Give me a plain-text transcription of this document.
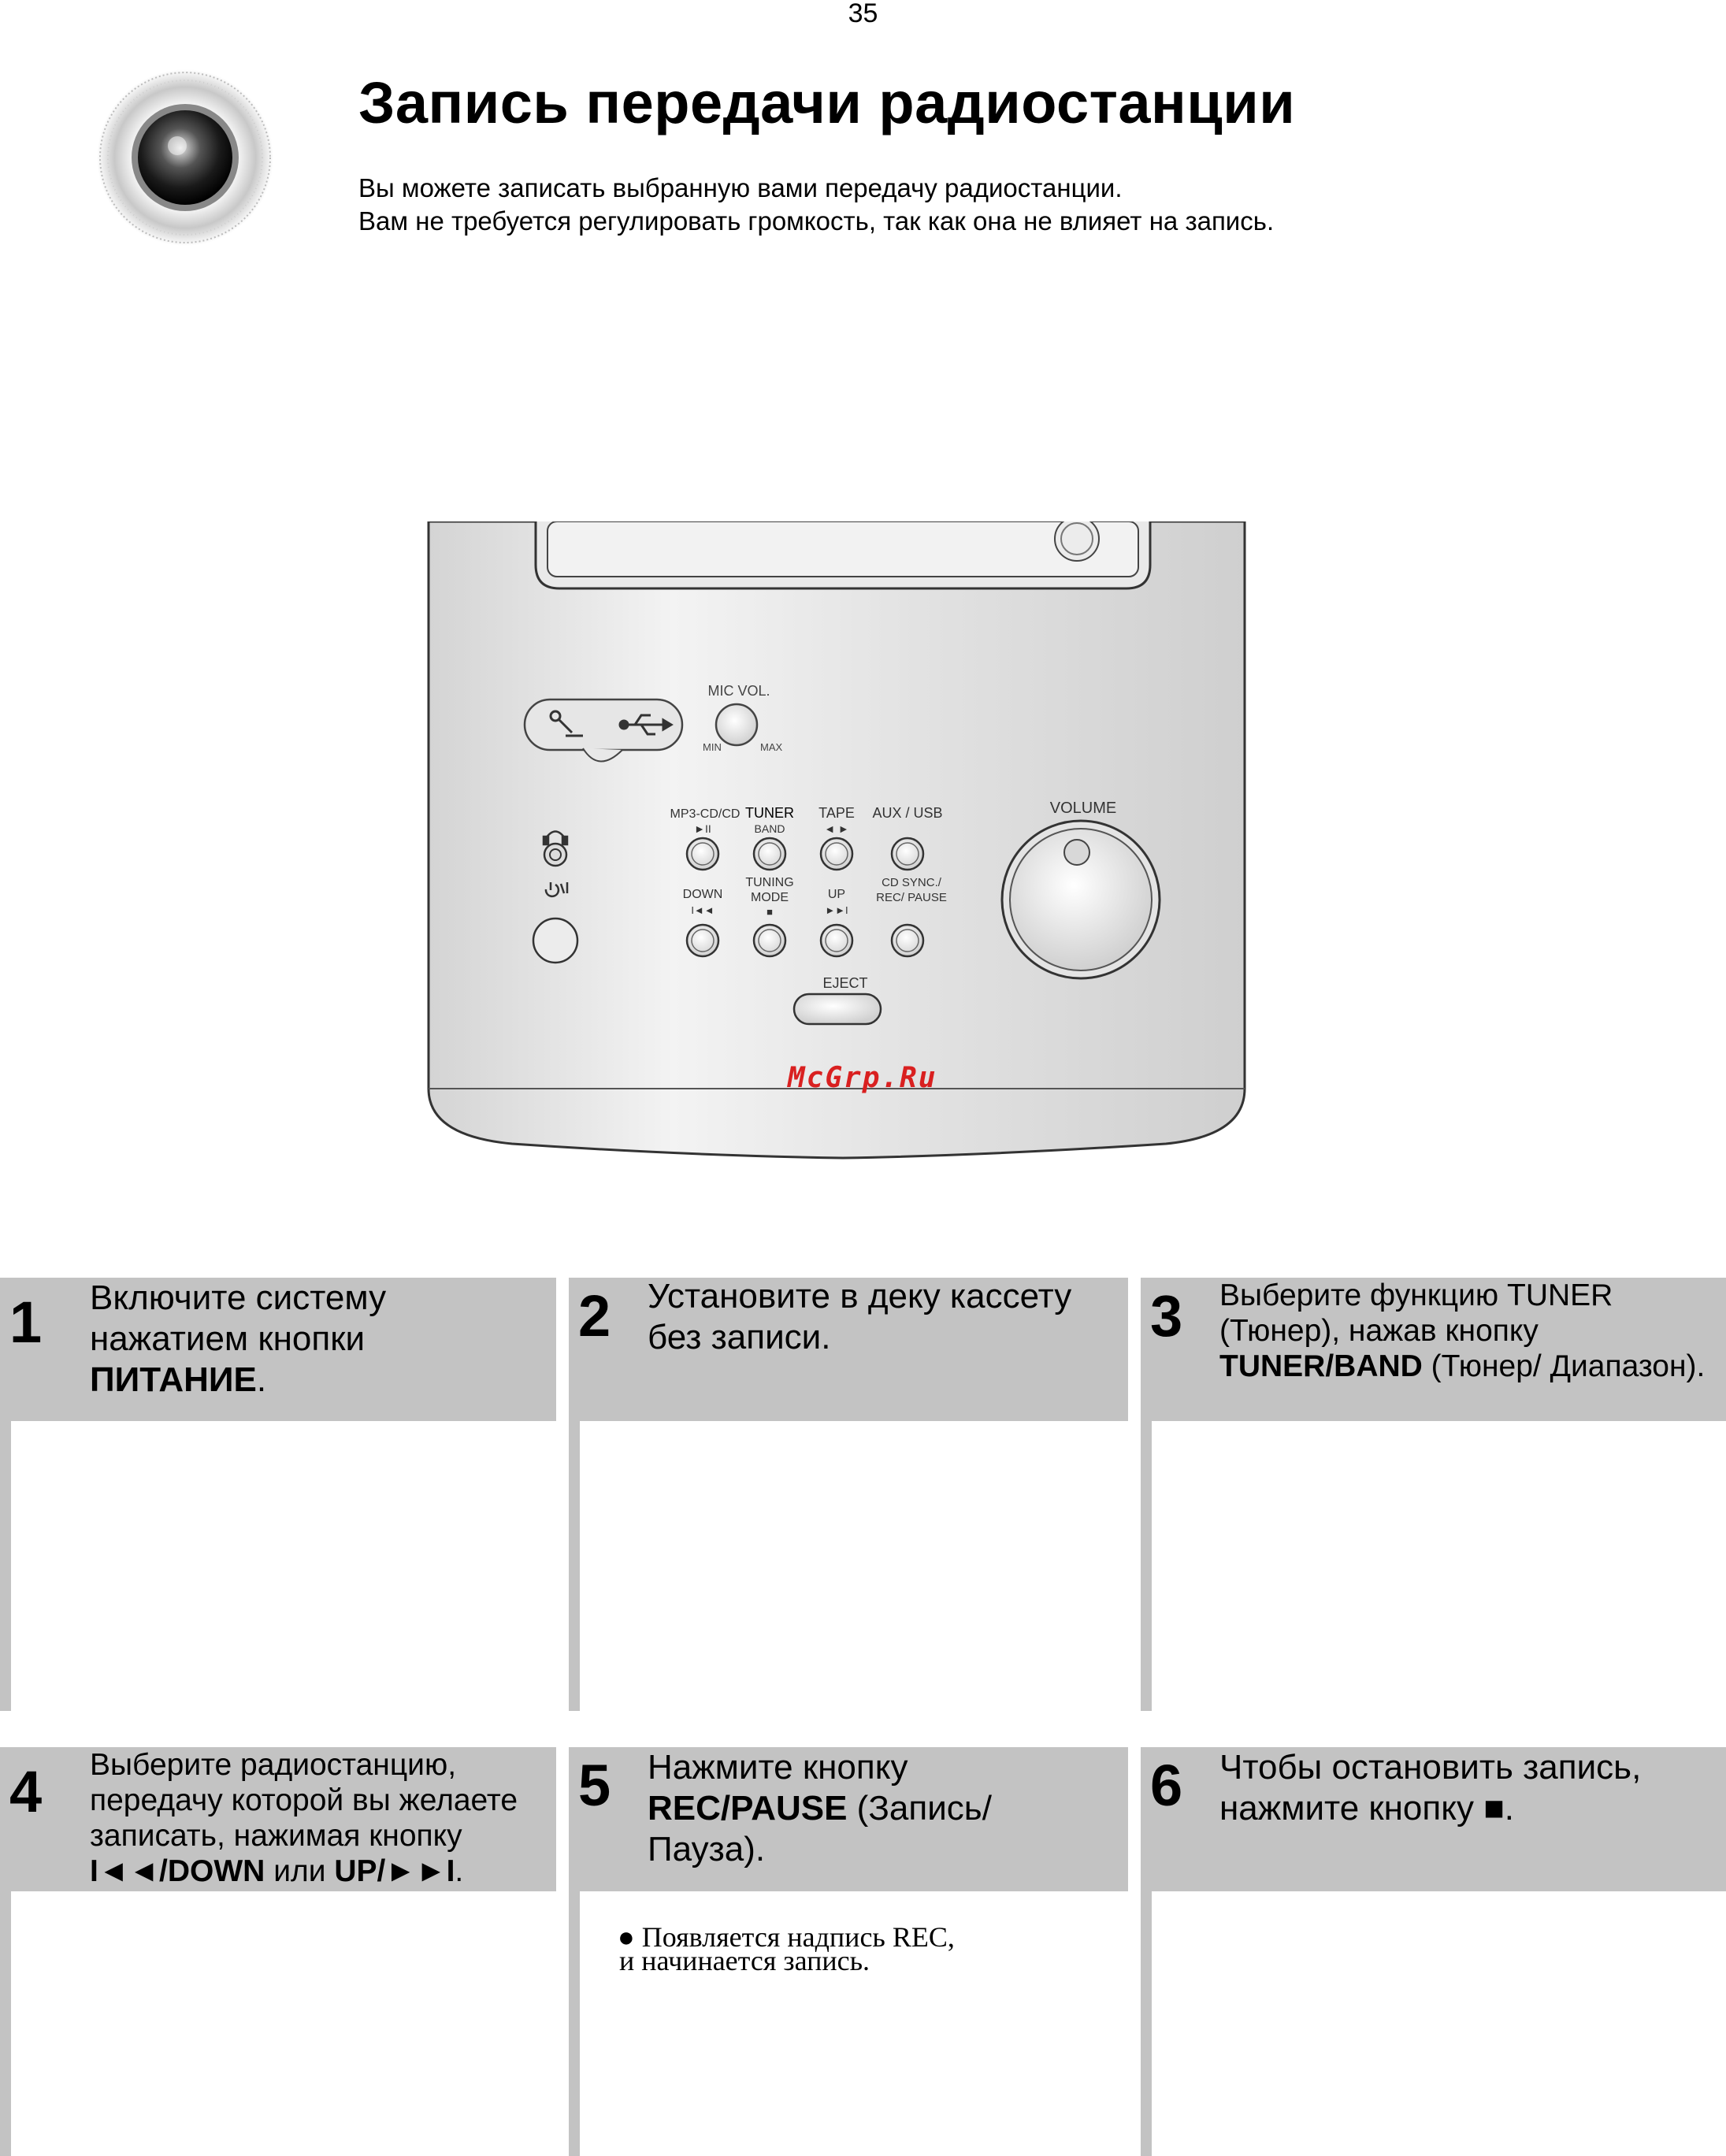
35
Запись передачи радиостанции
Вы можете записать выбранную вами передачу радиостанции.
Вам не требуется регулировать громкость, так как она не влияет на запись.
MIC VOL.
MIN	MAX
MP3-CD/CD
►II
TUNER
BAND
TAPE
◄ ►
AUX / USB
DOWN
I◄◄
TUNING
MODE
■
UP
►►I
CD SYNC./
REC/ PAUSE
EJECT
VOLUME
McGrp.Ru
1 Включите систему нажатием кнопки ПИТАНИЕ.
2 Установите в деку кассету без записи.	3 Выберите функцию TUNER (Тюнер), нажав кнопку TUNER/BAND (Тюнер/ Диапазон).
4 Выберите радиостанцию, передачу которой вы желаете записать, нажимая кнопку I◄◄/DOWN или UP/►►I.
5 Нажмите кнопку REC/PAUSE (Запись/ Пауза).
● Появляется надпись REC,
и начинается запись.
6 Чтобы остановить запись, нажмите кнопку ■.
